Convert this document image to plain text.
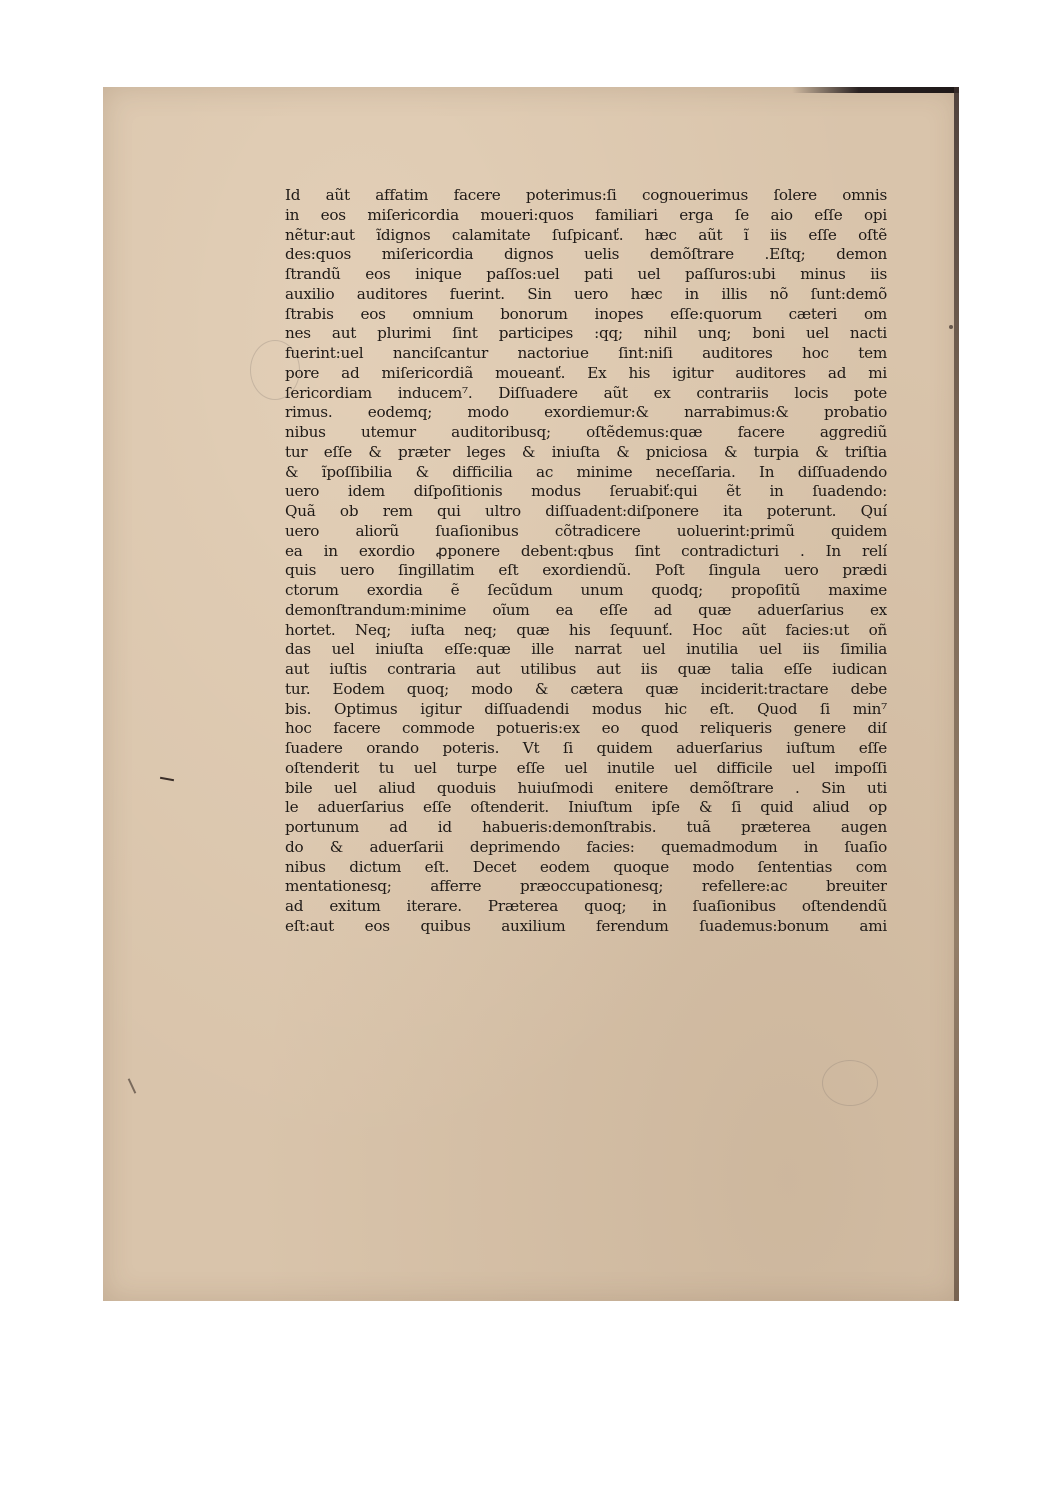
Id aũt affatim facere poterimus:ſi cognouerimus ſolere omnis
in eos miſericordia moueri:quos familiari erga ſe aio eſſe opi
nẽtur:aut ĩdignos calamitate ſuſpicanť. hæc aũt ĩ iis eſſe oſtẽ
des:quos miſericordia dignos uelis demõſtrare .Eſtq; demon
ſtrandũ eos inique paſſos:uel pati uel paſſuros:ubi minus iis
auxilio auditores fuerint. Sin uero hæc in illis nõ ſunt:demõ
ſtrabis eos omnium bonorum inopes eſſe:quorum cæteri om
nes aut plurimi ſint participes :qq; nihil unq; boni uel nacti
fuerint:uel nanciſcantur nactoriue ſint:niſi auditores hoc tem
pore ad miſericordiã moueanť. Ex his igitur auditores ad mi
ſericordiam inducem⁷. Diſſuadere aũt ex contrariis locis pote
rimus. eodemq; modo exordiemur:& narrabimus:& probatio
nibus utemur auditoribusq; oſtẽdemus:quæ facere aggrediũ
tur eſſe & præter leges & iniuſta & pniciosa & turpia & triſtia
& ĩpoſſibilia & difficilia ac minime neceſſaria. In diſſuadendo
uero idem diſpoſitionis modus ſeruabiť:qui ẽt in ſuadendo:
Quã ob rem qui ultro diſſuadent:diſponere ita poterunt. Quí
uero aliorũ ſuaſionibus cõtradicere uoluerint:primũ quidem
ea in exordio ꝓponere debent:qbus ſint contradicturi . In relí
quis uero ſingillatim eſt exordiendũ. Poſt ſingula uero prædi
ctorum exordia ẽ ſecũdum unum quodq; propoſitũ maxime
demonſtrandum:minime oĩum ea eſſe ad quæ aduerſarius ex
hortet. Neq; iuſta neq; quæ his ſequunť. Hoc aũt facies:ut oñ
das uel iniuſta eſſe:quæ ille narrat uel inutilia uel iis ſimilia
aut iuſtis contraria aut utilibus aut iis quæ talia eſſe iudican
tur. Eodem quoq; modo & cætera quæ inciderit:tractare debe
bis. Optimus igitur diſſuadendi modus hic eſt. Quod ſi min⁷
hoc facere commode potueris:ex eo quod reliqueris genere diſ
ſuadere orando poteris. Vt ſi quidem aduerſarius iuſtum eſſe
oſtenderit tu uel turpe eſſe uel inutile uel difficile uel impoſſi
bile uel aliud quoduis huiuſmodi enitere demõſtrare . Sin uti
le aduerſarius eſſe oſtenderit. Iniuſtum ipſe & ſi quid aliud op
portunum ad id habueris:demonſtrabis. tuã præterea augen
do & aduerſarii deprimendo facies: quemadmodum in ſuaſio
nibus dictum eſt. Decet eodem quoque modo ſententias com
mentationesq; afferre præoccupationesq; refellere:ac breuiter
ad exitum iterare. Præterea quoq; in ſuaſionibus oſtendendũ
eſt:aut eos quibus auxilium ferendum ſuademus:bonum ami
